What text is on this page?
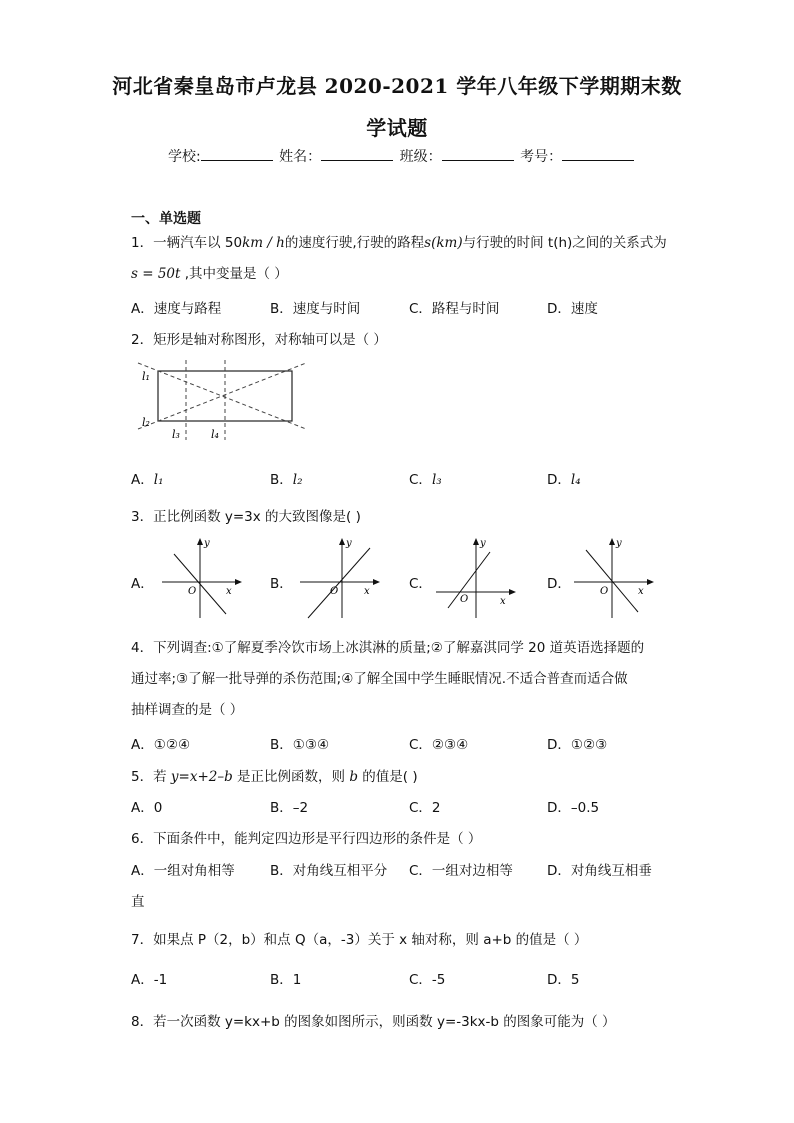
河北省秦皇岛市卢龙县 2020-2021 学年八年级下学期期末数
学试题
学校:	姓名：	班级：	考号：
一、单选题
1．一辆汽车以 50km / h的速度行驶,行驶的路程s(km)与行驶的时间 t(h)之间的关系式为
s = 50t ,其中变量是（ ）
A．速度与路程	B．速度与时间	C．路程与时间	D．速度
2．矩形是轴对称图形，对称轴可以是（ ）
l₁
l₂
l₃	l₄
A．l₁	B．l₂	C．l₃	D．l₄
3．正比例函数 y=3x 的大致图像是( )
A．	B．	C．	D．
y
x
O
y
x
O
y
x
O
y
x
O
4．下列调查:①了解夏季冷饮市场上冰淇淋的质量;②了解嘉淇同学 20 道英语选择题的
通过率;③了解一批导弹的杀伤范围;④了解全国中学生睡眠情况.不适合普查而适合做
抽样调查的是（ ）
A．①②④	B．①③④	C．②③④	D．①②③
5．若 y=x+2–b 是正比例函数，则 b 的值是( )
A．0	B．–2	C．2	D．–0.5
6．下面条件中，能判定四边形是平行四边形的条件是（ ）
A．一组对角相等	B．对角线互相平分 C．一组对边相等	D．对角线互相垂
直
7．如果点 P（2，b）和点 Q（a，-3）关于 x 轴对称，则 a+b 的值是（ ）
A．-1	B．1	C．-5	D．5
8．若一次函数 y=kx+b 的图象如图所示，则函数 y=-3kx-b 的图象可能为（ ）
